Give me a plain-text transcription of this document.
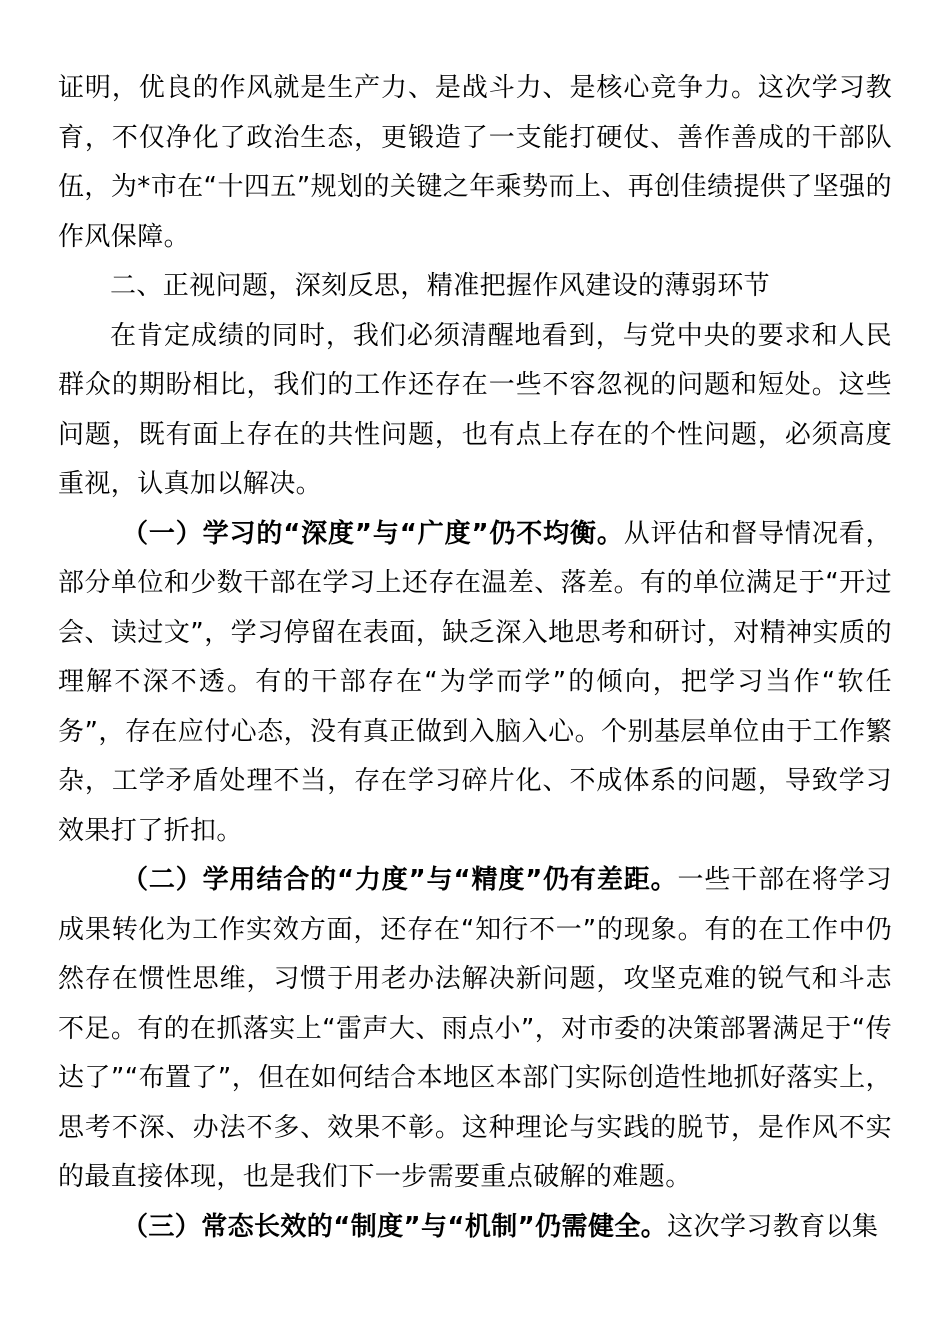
证明，优良的作风就是生产力、是战斗力、是核心竞争力。这次学习教育，不仅净化了政治生态，更锻造了一支能打硬仗、善作善成的干部队伍，为*市在“十四五”规划的关键之年乘势而上、再创佳绩提供了坚强的作风保障。

二、正视问题，深刻反思，精准把握作风建设的薄弱环节

在肯定成绩的同时，我们必须清醒地看到，与党中央的要求和人民群众的期盼相比，我们的工作还存在一些不容忽视的问题和短处。这些问题，既有面上存在的共性问题，也有点上存在的个性问题，必须高度重视，认真加以解决。

（一）学习的“深度”与“广度”仍不均衡。从评估和督导情况看，部分单位和少数干部在学习上还存在温差、落差。有的单位满足于“开过会、读过文”，学习停留在表面，缺乏深入地思考和研讨，对精神实质的理解不深不透。有的干部存在“为学而学”的倾向，把学习当作“软任务”，存在应付心态，没有真正做到入脑入心。个别基层单位由于工作繁杂，工学矛盾处理不当，存在学习碎片化、不成体系的问题，导致学习效果打了折扣。

（二）学用结合的“力度”与“精度”仍有差距。一些干部在将学习成果转化为工作实效方面，还存在“知行不一”的现象。有的在工作中仍然存在惯性思维，习惯于用老办法解决新问题，攻坚克难的锐气和斗志不足。有的在抓落实上“雷声大、雨点小”，对市委的决策部署满足于“传达了”“布置了”，但在如何结合本地区本部门实际创造性地抓好落实上，思考不深、办法不多、效果不彰。这种理论与实践的脱节，是作风不实的最直接体现，也是我们下一步需要重点破解的难题。

（三）常态长效的“制度”与“机制”仍需健全。这次学习教育以集
